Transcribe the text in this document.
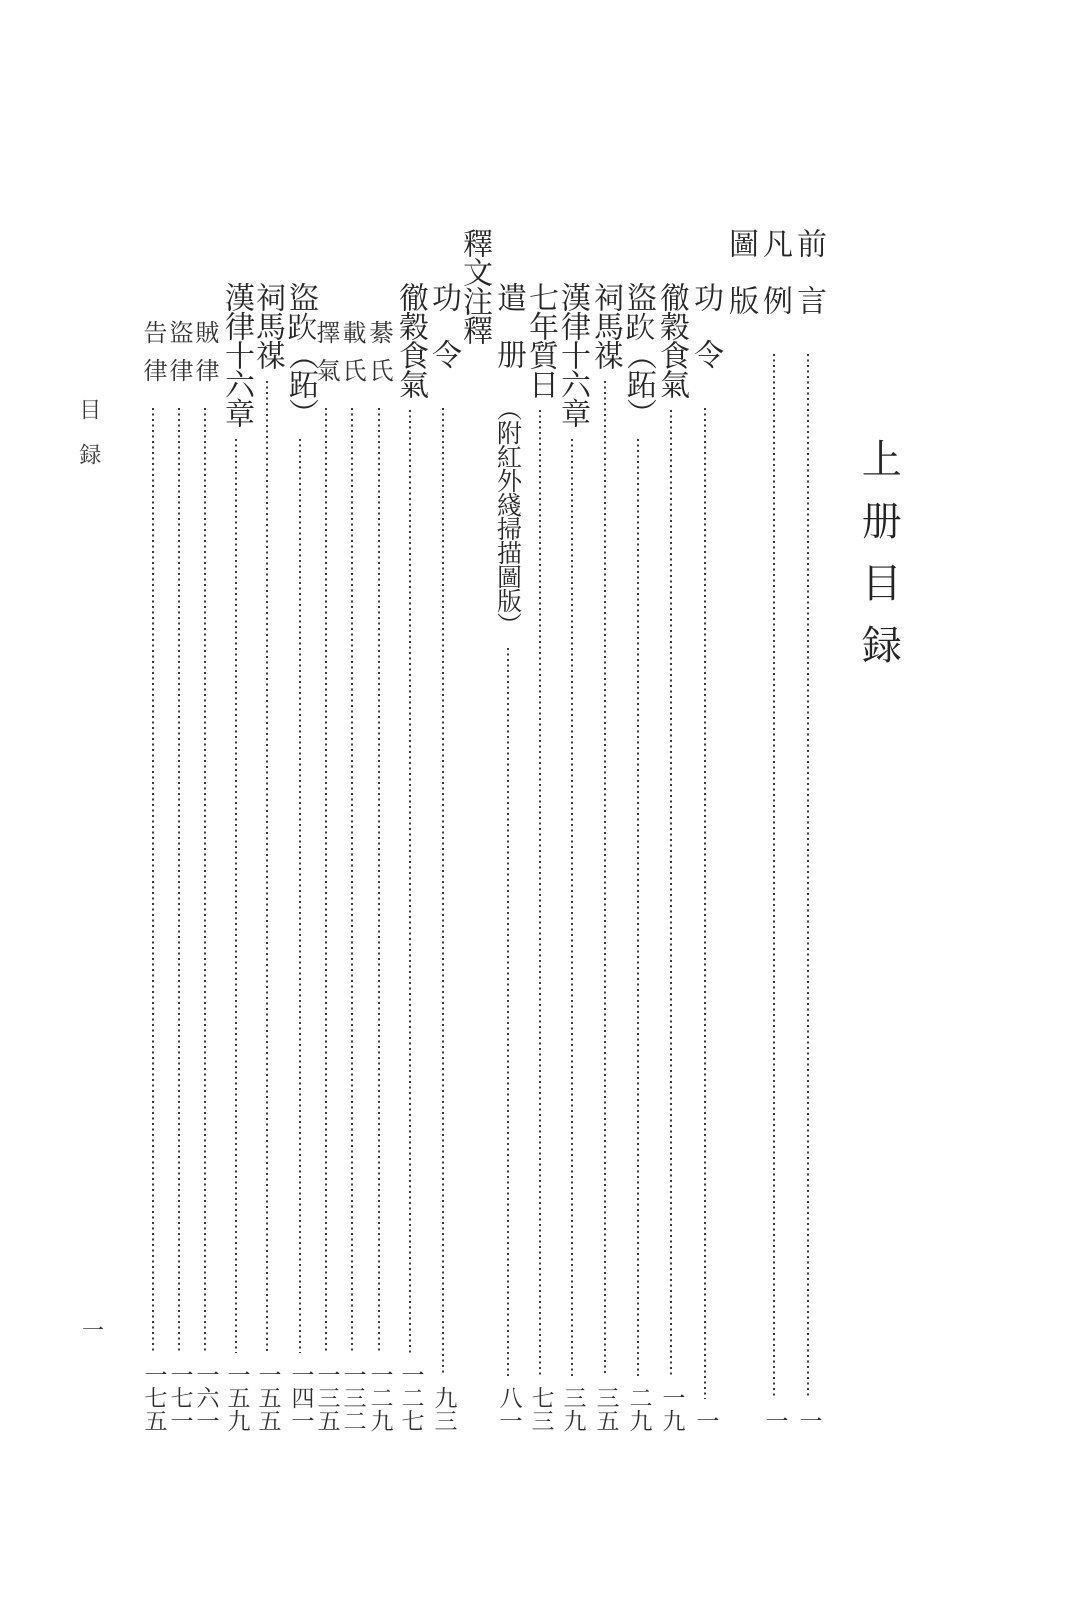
上册目録
目録
一
前言
一
凡例
一
圖版
功令
一
徹穀食氣
一九
盜𧿞（跖）
二九
祠馬禖
三五
漢律十六章
三九
七年質日
七三
遣册
（附紅外綫掃描圖版）
八一
釋文注釋
功令
九三
徹穀食氣
一二七
綦氏
一二九
載氏
一三二
擇氣
一三五
盜𧿞（跖）
一四一
祠馬禖
一五五
漢律十六章
一五九
賊律
一六一
盜律
一七一
告律
一七五
